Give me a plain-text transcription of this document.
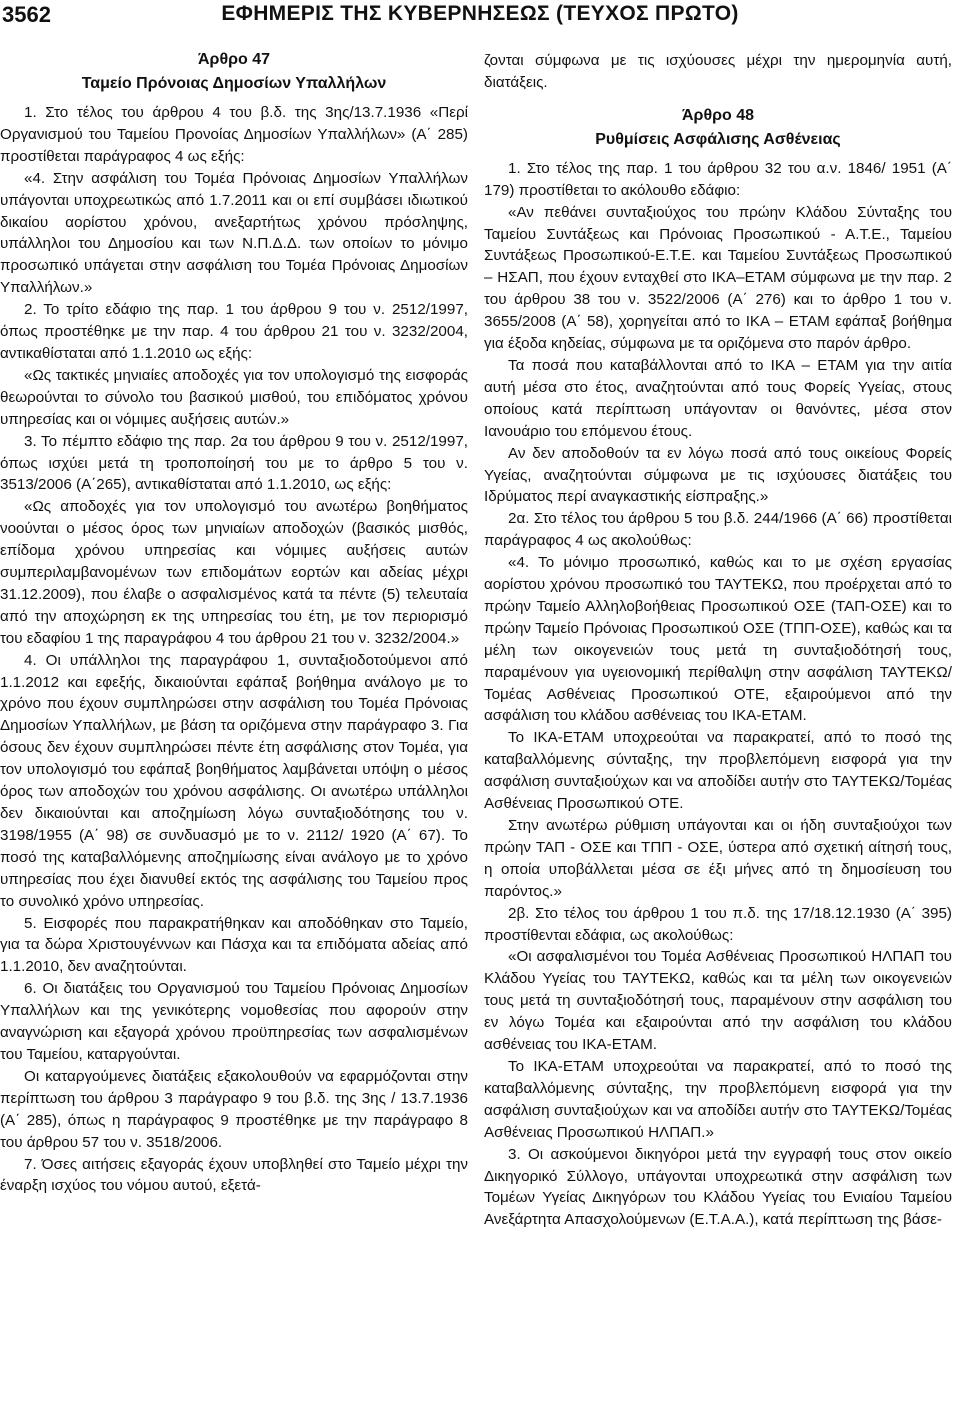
3562	ΕΦΗΜΕΡΙΣ ΤΗΣ ΚΥΒΕΡΝΗΣΕΩΣ (ΤΕΥΧΟΣ ΠΡΩΤΟ)

Άρθρο 47

Ταμείο Πρόνοιας Δημοσίων Υπαλλήλων

1. Στο τέλος του άρθρου 4 του β.δ. της 3ης/13.7.1936 «Περί Οργανισμού του Ταμείου Προνοίας Δημοσίων Υπαλλήλων» (Α΄ 285) προστίθεται παράγραφος 4 ως εξής:

«4. Στην ασφάλιση του Τομέα Πρόνοιας Δημοσίων Υπαλλήλων υπάγονται υποχρεωτικώς από 1.7.2011 και οι επί συμβάσει ιδιωτικού δικαίου αορίστου χρόνου, ανεξαρτήτως χρόνου πρόσληψης, υπάλληλοι του Δημοσίου και των Ν.Π.Δ.Δ. των οποίων το μόνιμο προσωπικό υπάγεται στην ασφάλιση του Τομέα Πρόνοιας Δημοσίων Υπαλλήλων.»

2. Το τρίτο εδάφιο της παρ. 1 του άρθρου 9 του ν. 2512/1997, όπως προστέθηκε με την παρ. 4 του άρθρου 21 του ν. 3232/2004, αντικαθίσταται από 1.1.2010 ως εξής:

«Ως τακτικές μηνιαίες αποδοχές για τον υπολογισμό της εισφοράς θεωρούνται το σύνολο του βασικού μισθού, του επιδόματος χρόνου υπηρεσίας και οι νόμιμες αυξήσεις αυτών.»

3. Το πέμπτο εδάφιο της παρ. 2α του άρθρου 9 του ν. 2512/1997, όπως ισχύει μετά τη τροποποίησή του με το άρθρο 5 του ν. 3513/2006 (Α΄265), αντικαθίσταται από 1.1.2010, ως εξής:

«Ως αποδοχές για τον υπολογισμό του ανωτέρω βοηθήματος νοούνται ο μέσος όρος των μηνιαίων αποδοχών (βασικός μισθός, επίδομα χρόνου υπηρεσίας και νόμιμες αυξήσεις αυτών συμπεριλαμβανομένων των επιδομάτων εορτών και αδείας μέχρι 31.12.2009), που έλαβε ο ασφαλισμένος κατά τα πέντε (5) τελευταία από την αποχώρηση εκ της υπηρεσίας του έτη, με τον περιορισμό του εδαφίου 1 της παραγράφου 4 του άρθρου 21 του ν. 3232/2004.»

4. Οι υπάλληλοι της παραγράφου 1, συνταξιοδοτούμενοι από 1.1.2012 και εφεξής, δικαιούνται εφάπαξ βοήθημα ανάλογο με το χρόνο που έχουν συμπληρώσει στην ασφάλιση του Τομέα Πρόνοιας Δημοσίων Υπαλλήλων, με βάση τα οριζόμενα στην παράγραφο 3. Για όσους δεν έχουν συμπληρώσει πέντε έτη ασφάλισης στον Τομέα, για τον υπολογισμό του εφάπαξ βοηθήματος λαμβάνεται υπόψη ο μέσος όρος των αποδοχών του χρόνου ασφάλισης. Οι ανωτέρω υπάλληλοι δεν δικαιούνται και αποζημίωση λόγω συνταξιοδότησης του ν. 3198/1955 (Α΄ 98) σε συνδυασμό με το ν. 2112/ 1920 (Α΄ 67). Το ποσό της καταβαλλόμενης αποζημίωσης είναι ανάλογο με το χρόνο υπηρεσίας που έχει διανυθεί εκτός της ασφάλισης του Ταμείου προς το συνολικό χρόνο υπηρεσίας.

5. Εισφορές που παρακρατήθηκαν και αποδόθηκαν στο Ταμείο, για τα δώρα Χριστουγέννων και Πάσχα και τα επιδόματα αδείας από 1.1.2010, δεν αναζητούνται.

6. Οι διατάξεις του Οργανισμού του Ταμείου Πρόνοιας Δημοσίων Υπαλλήλων και της γενικότερης νομοθεσίας που αφορούν στην αναγνώριση και εξαγορά χρόνου προϋπηρεσίας των ασφαλισμένων του Ταμείου, καταργούνται.

Οι καταργούμενες διατάξεις εξακολουθούν να εφαρμόζονται στην περίπτωση του άρθρου 3 παράγραφο 9 του β.δ. της 3ης / 13.7.1936 (Α΄ 285), όπως η παράγραφος 9 προστέθηκε με την παράγραφο 8 του άρθρου 57 του ν. 3518/2006.

7. Όσες αιτήσεις εξαγοράς έχουν υποβληθεί στο Ταμείο μέχρι την έναρξη ισχύος του νόμου αυτού, εξετά-

ζονται σύμφωνα με τις ισχύουσες μέχρι την ημερομηνία αυτή, διατάξεις.

Άρθρο 48

Ρυθμίσεις Ασφάλισης Ασθένειας

1. Στο τέλος της παρ. 1 του άρθρου 32 του α.ν. 1846/ 1951 (Α΄ 179) προστίθεται το ακόλουθο εδάφιο:

«Αν πεθάνει συνταξιούχος του πρώην Κλάδου Σύνταξης του Ταμείου Συντάξεως και Πρόνοιας Προσωπικού - Α.Τ.Ε., Ταμείου Συντάξεως Προσωπικού-Ε.Τ.Ε. και Ταμείου Συντάξεως Προσωπικού – ΗΣΑΠ, που έχουν ενταχθεί στο ΙΚΑ–ΕΤΑΜ σύμφωνα με την παρ. 2 του άρθρου 38 του ν. 3522/2006 (Α΄ 276) και το άρθρο 1 του ν. 3655/2008 (Α΄ 58), χορηγείται από το ΙΚΑ – ΕΤΑΜ εφάπαξ βοήθημα για έξοδα κηδείας, σύμφωνα με τα οριζόμενα στο παρόν άρθρο.

Τα ποσά που καταβάλλονται από το ΙΚΑ – ΕΤΑΜ για την αιτία αυτή μέσα στο έτος, αναζητούνται από τους Φορείς Υγείας, στους οποίους κατά περίπτωση υπάγονταν οι θανόντες, μέσα στον Ιανουάριο του επόμενου έτους.

Αν δεν αποδοθούν τα εν λόγω ποσά από τους οικείους Φορείς Υγείας, αναζητούνται σύμφωνα με τις ισχύουσες διατάξεις του Ιδρύματος περί αναγκαστικής είσπραξης.»

2α. Στο τέλος του άρθρου 5 του β.δ. 244/1966 (Α΄ 66) προστίθεται παράγραφος 4 ως ακολούθως:

«4. Το μόνιμο προσωπικό, καθώς και το με σχέση εργασίας αορίστου χρόνου προσωπικό του ΤΑΥΤΕΚΩ, που προέρχεται από το πρώην Ταμείο Αλληλοβοήθειας Προσωπικού ΟΣΕ (ΤΑΠ-ΟΣΕ) και το πρώην Ταμείο Πρόνοιας Προσωπικού ΟΣΕ (ΤΠΠ-ΟΣΕ), καθώς και τα μέλη των οικογενειών τους μετά τη συνταξιοδότησή τους, παραμένουν για υγειονομική περίθαλψη στην ασφάλιση ΤΑΥΤΕΚΩ/Τομέας Ασθένειας Προσωπικού ΟΤΕ, εξαιρούμενοι από την ασφάλιση του κλάδου ασθένειας του ΙΚΑ-ΕΤΑΜ.

Το ΙΚΑ-ΕΤΑΜ υποχρεούται να παρακρατεί, από το ποσό της καταβαλλόμενης σύνταξης, την προβλεπόμενη εισφορά για την ασφάλιση συνταξιούχων και να αποδίδει αυτήν στο ΤΑΥΤΕΚΩ/Τομέας Ασθένειας Προσωπικού ΟΤΕ.

Στην ανωτέρω ρύθμιση υπάγονται και οι ήδη συνταξιούχοι των πρώην ΤΑΠ - ΟΣΕ και ΤΠΠ - ΟΣΕ, ύστερα από σχετική αίτησή τους, η οποία υποβάλλεται μέσα σε έξι μήνες από τη δημοσίευση του παρόντος.»

2β. Στο τέλος του άρθρου 1 του π.δ. της 17/18.12.1930 (Α΄ 395) προστίθενται εδάφια, ως ακολούθως:

«Οι ασφαλισμένοι του Τομέα Ασθένειας Προσωπικού ΗΛΠΑΠ του Κλάδου Υγείας του ΤΑΥΤΕΚΩ, καθώς και τα μέλη των οικογενειών τους μετά τη συνταξιοδότησή τους, παραμένουν στην ασφάλιση του εν λόγω Τομέα και εξαιρούνται από την ασφάλιση του κλάδου ασθένειας του ΙΚΑ-ΕΤΑΜ.

Το ΙΚΑ-ΕΤΑΜ υποχρεούται να παρακρατεί, από το ποσό της καταβαλλόμενης σύνταξης, την προβλεπόμενη εισφορά για την ασφάλιση συνταξιούχων και να αποδίδει αυτήν στο ΤΑΥΤΕΚΩ/Τομέας Ασθένειας Προσωπικού ΗΛΠΑΠ.»

3. Οι ασκούμενοι δικηγόροι μετά την εγγραφή τους στον οικείο Δικηγορικό Σύλλογο, υπάγονται υποχρεωτικά στην ασφάλιση των Τομέων Υγείας Δικηγόρων του Κλάδου Υγείας του Ενιαίου Ταμείου Ανεξάρτητα Απασχολούμενων (Ε.Τ.Α.Α.), κατά περίπτωση της βάσε-
